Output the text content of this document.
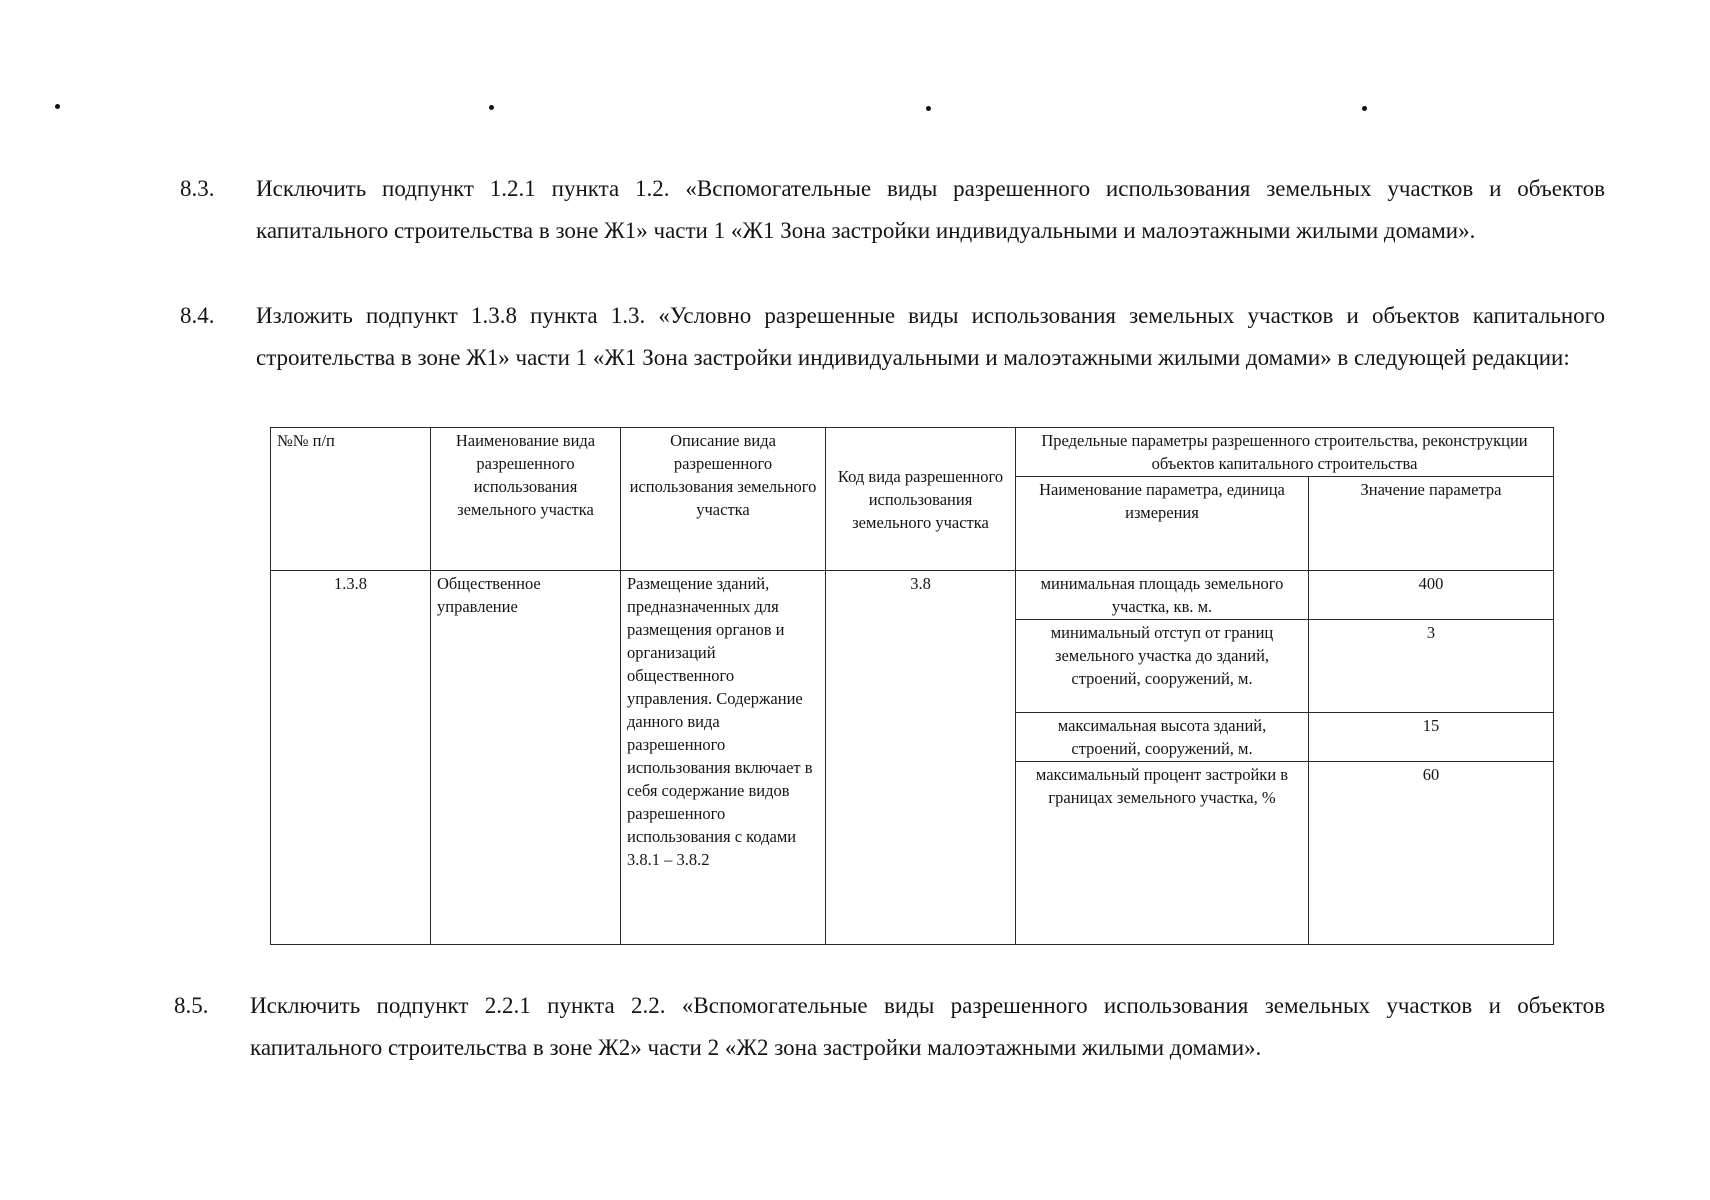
8.3. Исключить подпункт 1.2.1 пункта 1.2. «Вспомогательные виды разрешенного использования земельных участков и объектов капитального строительства в зоне Ж1» части 1 «Ж1 Зона застройки индивидуальными и малоэтажными жилыми домами».
8.4. Изложить подпункт 1.3.8 пункта 1.3. «Условно разрешенные виды использования земельных участков и объектов капитального строительства в зоне Ж1» части 1 «Ж1 Зона застройки индивидуальными и малоэтажными жилыми домами» в следующей редакции:
№№ п/п	Наименование вида разрешенного использования земельного участка	Описание вида разрешенного использования земельного участка	Код вида разрешенного использования земельного участка	Предельные параметры разрешенного строительства, реконструкции объектов капитального строительства	
				Наименование параметра, единица измерения	Значение параметра
1.3.8	Общественное управление	Размещение зданий, предназначенных для размещения органов и организаций общественного управления. Содержание данного вида разрешенного использования включает в себя содержание видов разрешенного использования с кодами 3.8.1 – 3.8.2	3.8	минимальная площадь земельного участка, кв. м.	400
				минимальный отступ от границ земельного участка до зданий, строений, сооружений, м.	3
				максимальная высота зданий, строений, сооружений, м.	15
				максимальный процент застройки в границах земельного участка, %	60
8.5. Исключить подпункт 2.2.1 пункта 2.2. «Вспомогательные виды разрешенного использования земельных участков и объектов капитального строительства в зоне Ж2» части 2 «Ж2 зона застройки малоэтажными жилыми домами».
